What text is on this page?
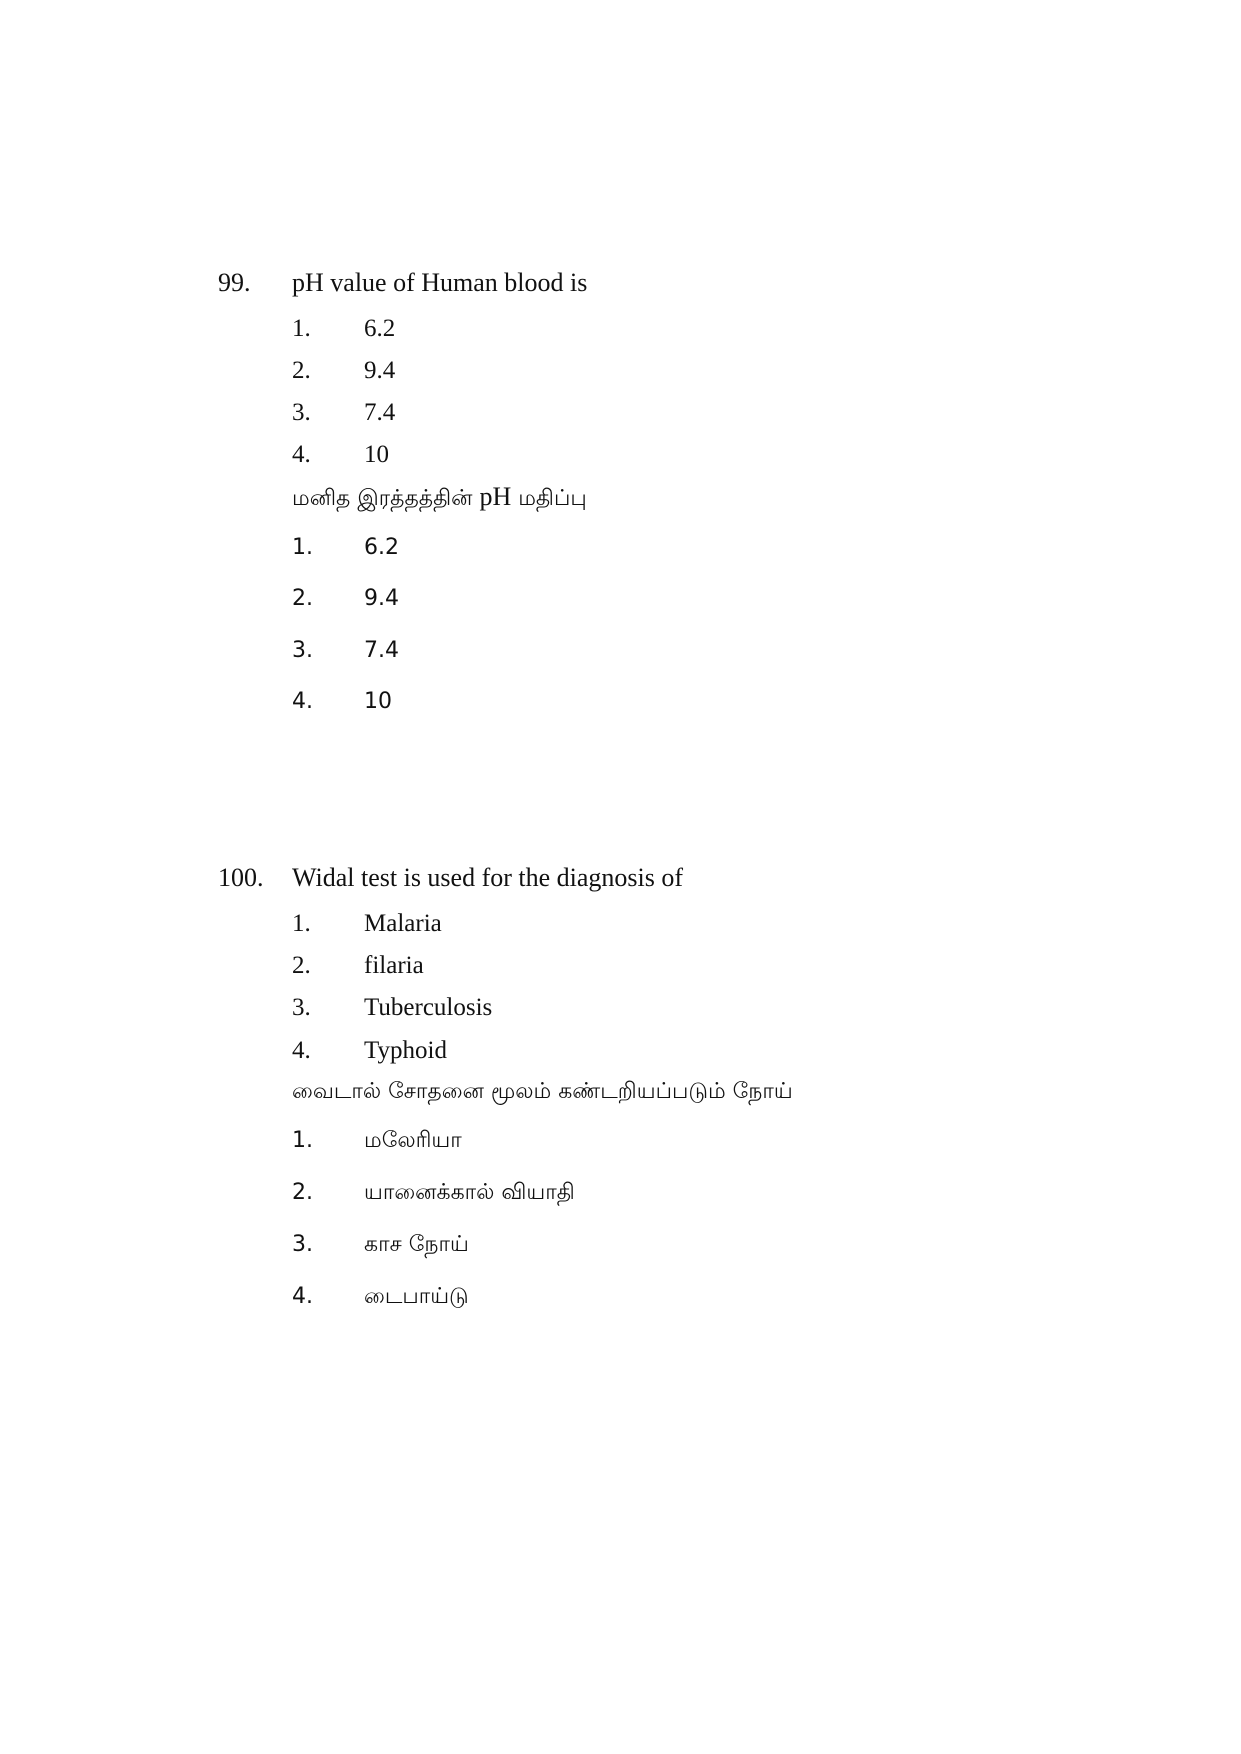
99. pH value of Human blood is
1. 6.2
2. 9.4
3. 7.4
4. 10
மனித இரத்தத்தின் pH மதிப்பு
1. 6.2
2. 9.4
3. 7.4
4. 10
100. Widal test is used for the diagnosis of
1. Malaria
2. filaria
3. Tuberculosis
4. Typhoid
வைடால் சோதனை மூலம் கண்டறியப்படும் நோய்
1. மலேரியா
2. யானைக்கால் வியாதி
3. காச நோய்
4. டைபாய்டு
